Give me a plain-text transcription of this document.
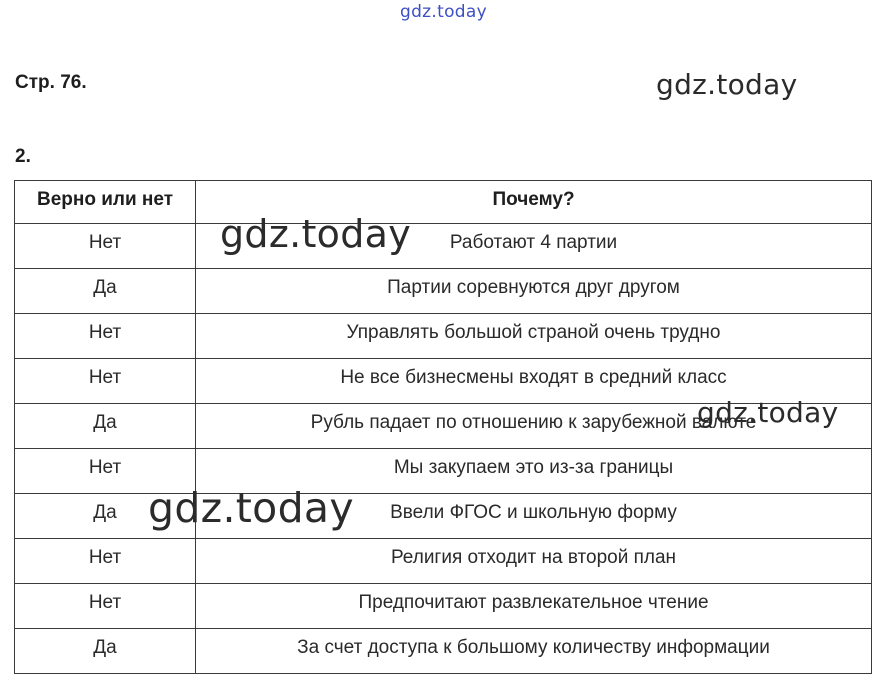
gdz.today
Стр. 76.	gdz.today
2.
Верно или нет	Почему?
Нет	Работают 4 партии
Да	Партии соревнуются друг другом
Нет	Управлять большой страной очень трудно
Нет	Не все бизнесмены входят в средний класс
Да	Рубль падает по отношению к зарубежной валюте
Нет	Мы закупаем это из-за границы
Да	Ввели ФГОС и школьную форму
Нет	Религия отходит на второй план
Нет	Предпочитают развлекательное чтение
Да	За счет доступа к большому количеству информации
gdz.today
gdz.today
gdz.today
